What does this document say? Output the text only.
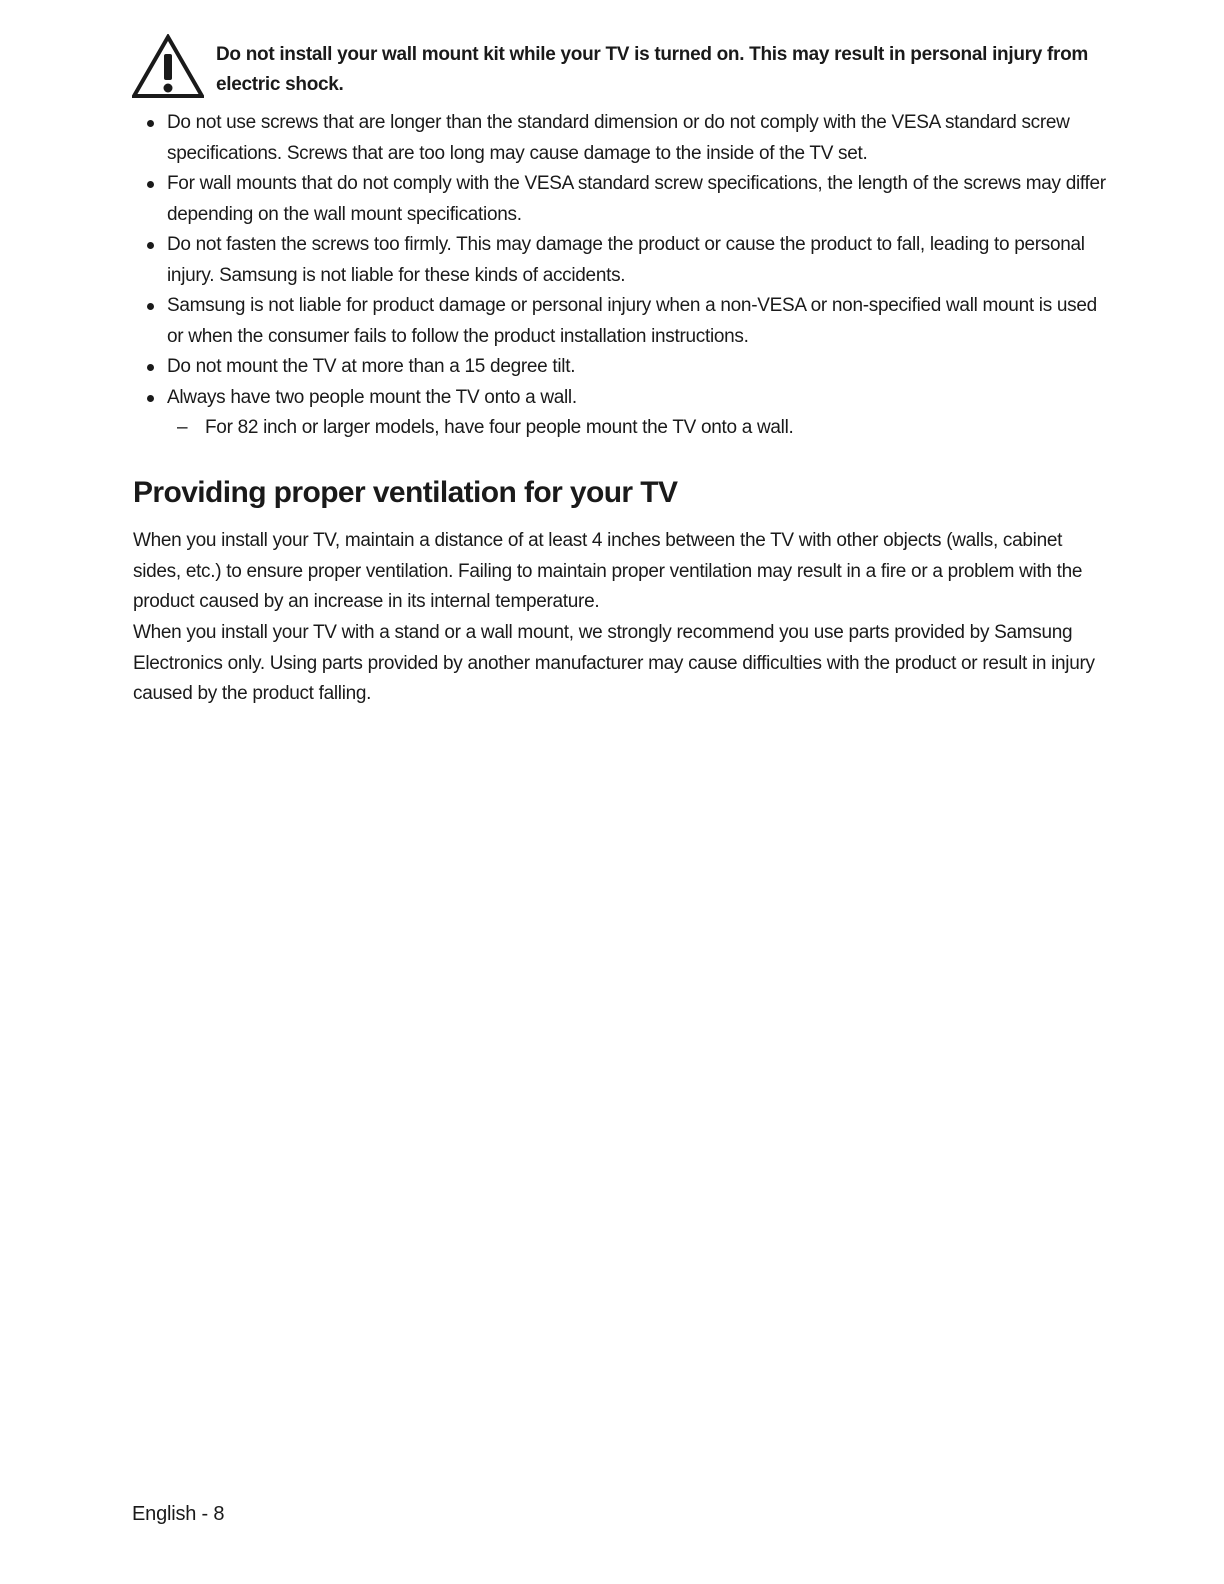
Do not install your wall mount kit while your TV is turned on. This may result in personal injury from electric shock.

Do not use screws that are longer than the standard dimension or do not comply with the VESA standard screw specifications. Screws that are too long may cause damage to the inside of the TV set.
For wall mounts that do not comply with the VESA standard screw specifications, the length of the screws may differ depending on the wall mount specifications.
Do not fasten the screws too firmly. This may damage the product or cause the product to fall, leading to personal injury. Samsung is not liable for these kinds of accidents.
Samsung is not liable for product damage or personal injury when a non-VESA or non-specified wall mount is used or when the consumer fails to follow the product installation instructions.
Do not mount the TV at more than a 15 degree tilt.
Always have two people mount the TV onto a wall.
– For 82 inch or larger models, have four people mount the TV onto a wall.
Providing proper ventilation for your TV

When you install your TV, maintain a distance of at least 4 inches between the TV with other objects (walls, cabinet sides, etc.) to ensure proper ventilation. Failing to maintain proper ventilation may result in a fire or a problem with the product caused by an increase in its internal temperature.

When you install your TV with a stand or a wall mount, we strongly recommend you use parts provided by Samsung Electronics only. Using parts provided by another manufacturer may cause difficulties with the product or result in injury caused by the product falling.

English - 8
